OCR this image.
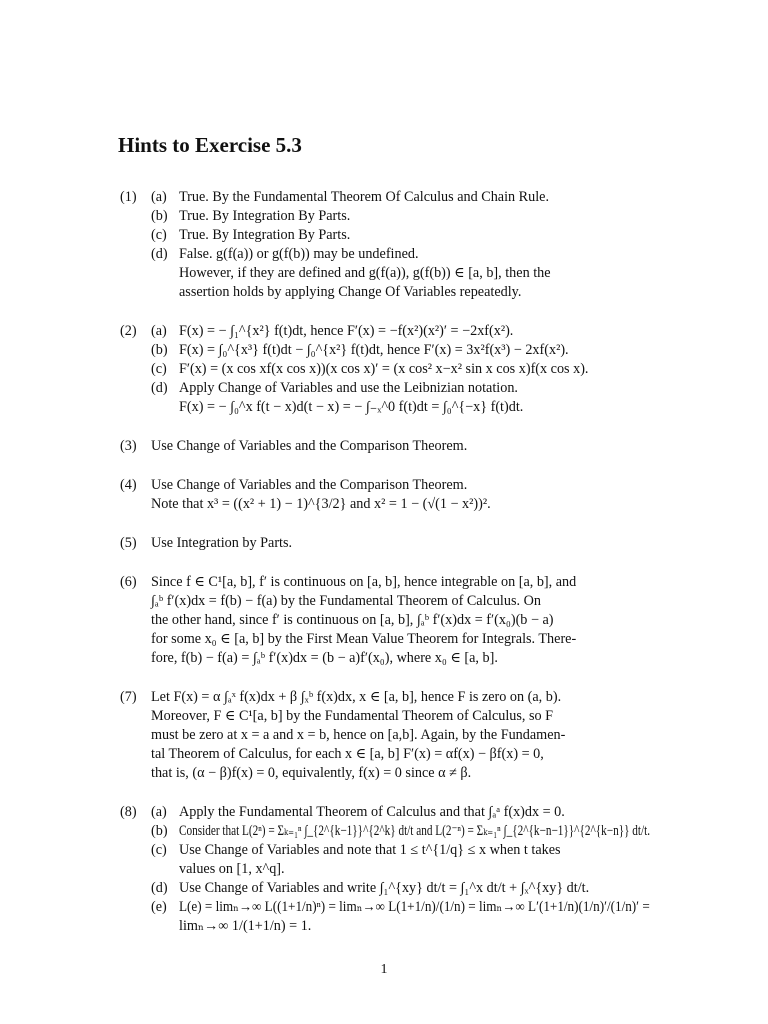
Hints to Exercise 5.3
(1) (a) True. By the Fundamental Theorem Of Calculus and Chain Rule.
(b) True. By Integration By Parts.
(c) True. By Integration By Parts.
(d) False. g(f(a)) or g(f(b)) may be undefined.
However, if they are defined and g(f(a)), g(f(b)) ∈ [a, b], then the
assertion holds by applying Change Of Variables repeatedly.
(2) (a) F(x) = − ∫₁^{x²} f(t)dt, hence F′(x) = −f(x²)(x²)′ = −2xf(x²).
(b) F(x) = ∫₀^{x³} f(t)dt − ∫₀^{x²} f(t)dt, hence F′(x) = 3x²f(x³) − 2xf(x²).
(c) F′(x) = (x cos xf(x cos x))(x cos x)′ = (x cos² x−x² sin x cos x)f(x cos x).
(d) Apply Change of Variables and use the Leibnizian notation.
F(x) = − ∫₀^x f(t − x)d(t − x) = − ∫₋ₓ^0 f(t)dt = ∫₀^{−x} f(t)dt.
(3) Use Change of Variables and the Comparison Theorem.
(4) Use Change of Variables and the Comparison Theorem.
Note that x³ = ((x² + 1) − 1)^{3/2} and x² = 1 − (√(1 − x²))².
(5) Use Integration by Parts.
(6) Since f ∈ C¹[a, b], f′ is continuous on [a, b], hence integrable on [a, b], and
∫ₐᵇ f′(x)dx = f(b) − f(a) by the Fundamental Theorem of Calculus. On
the other hand, since f′ is continuous on [a, b], ∫ₐᵇ f′(x)dx = f′(x₀)(b − a)
for some x₀ ∈ [a, b] by the First Mean Value Theorem for Integrals. There-
fore, f(b) − f(a) = ∫ₐᵇ f′(x)dx = (b − a)f′(x₀), where x₀ ∈ [a, b].
(7) Let F(x) = α ∫ₐˣ f(x)dx + β ∫ₓᵇ f(x)dx, x ∈ [a, b], hence F is zero on (a, b).
Moreover, F ∈ C¹[a, b] by the Fundamental Theorem of Calculus, so F
must be zero at x = a and x = b, hence on [a,b]. Again, by the Fundamen-
tal Theorem of Calculus, for each x ∈ [a, b] F′(x) = αf(x) − βf(x) = 0,
that is, (α − β)f(x) = 0, equivalently, f(x) = 0 since α ≠ β.
(8) (a) Apply the Fundamental Theorem of Calculus and that ∫ₐᵃ f(x)dx = 0.
(b) Consider that L(2ⁿ) = Σₖ₌₁ⁿ ∫_{2^{k−1}}^{2^k} dt/t and L(2⁻ⁿ) = Σₖ₌₁ⁿ ∫_{2^{k−n−1}}^{2^{k−n}} dt/t.
(c) Use Change of Variables and note that 1 ≤ t^{1/q} ≤ x when t takes
values on [1, x^q].
(d) Use Change of Variables and write ∫₁^{xy} dt/t = ∫₁^x dt/t + ∫ₓ^{xy} dt/t.
(e) L(e) = limₙ→∞ L((1+1/n)ⁿ) = limₙ→∞ L(1+1/n)/(1/n) = limₙ→∞ L′(1+1/n)(1/n)′/(1/n)′ =
limₙ→∞ 1/(1+1/n) = 1.
1
